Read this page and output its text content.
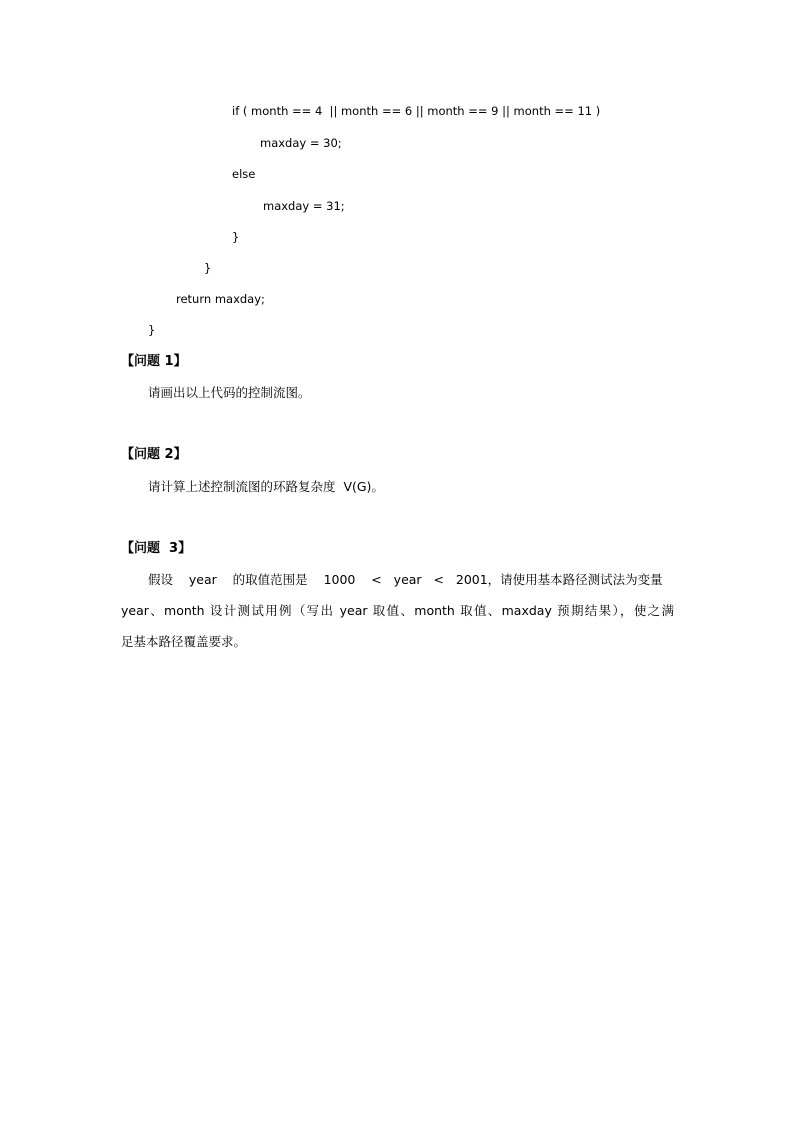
if ( month == 4  || month == 6 || month == 9 || month == 11 )
maxday = 30;
else
maxday = 31;
}
}
return maxday;
}
【问题 1】
请画出以上代码的控制流图。
【问题 2】
请计算上述控制流图的环路复杂度  V(G)。
【问题  3】
假设    year    的取值范围是    1000    <   year   <   2001，请使用基本路径测试法为变量
year、month 设计测试用例（写出 year 取值、month 取值、maxday 预期结果），使之满
足基本路径覆盖要求。
